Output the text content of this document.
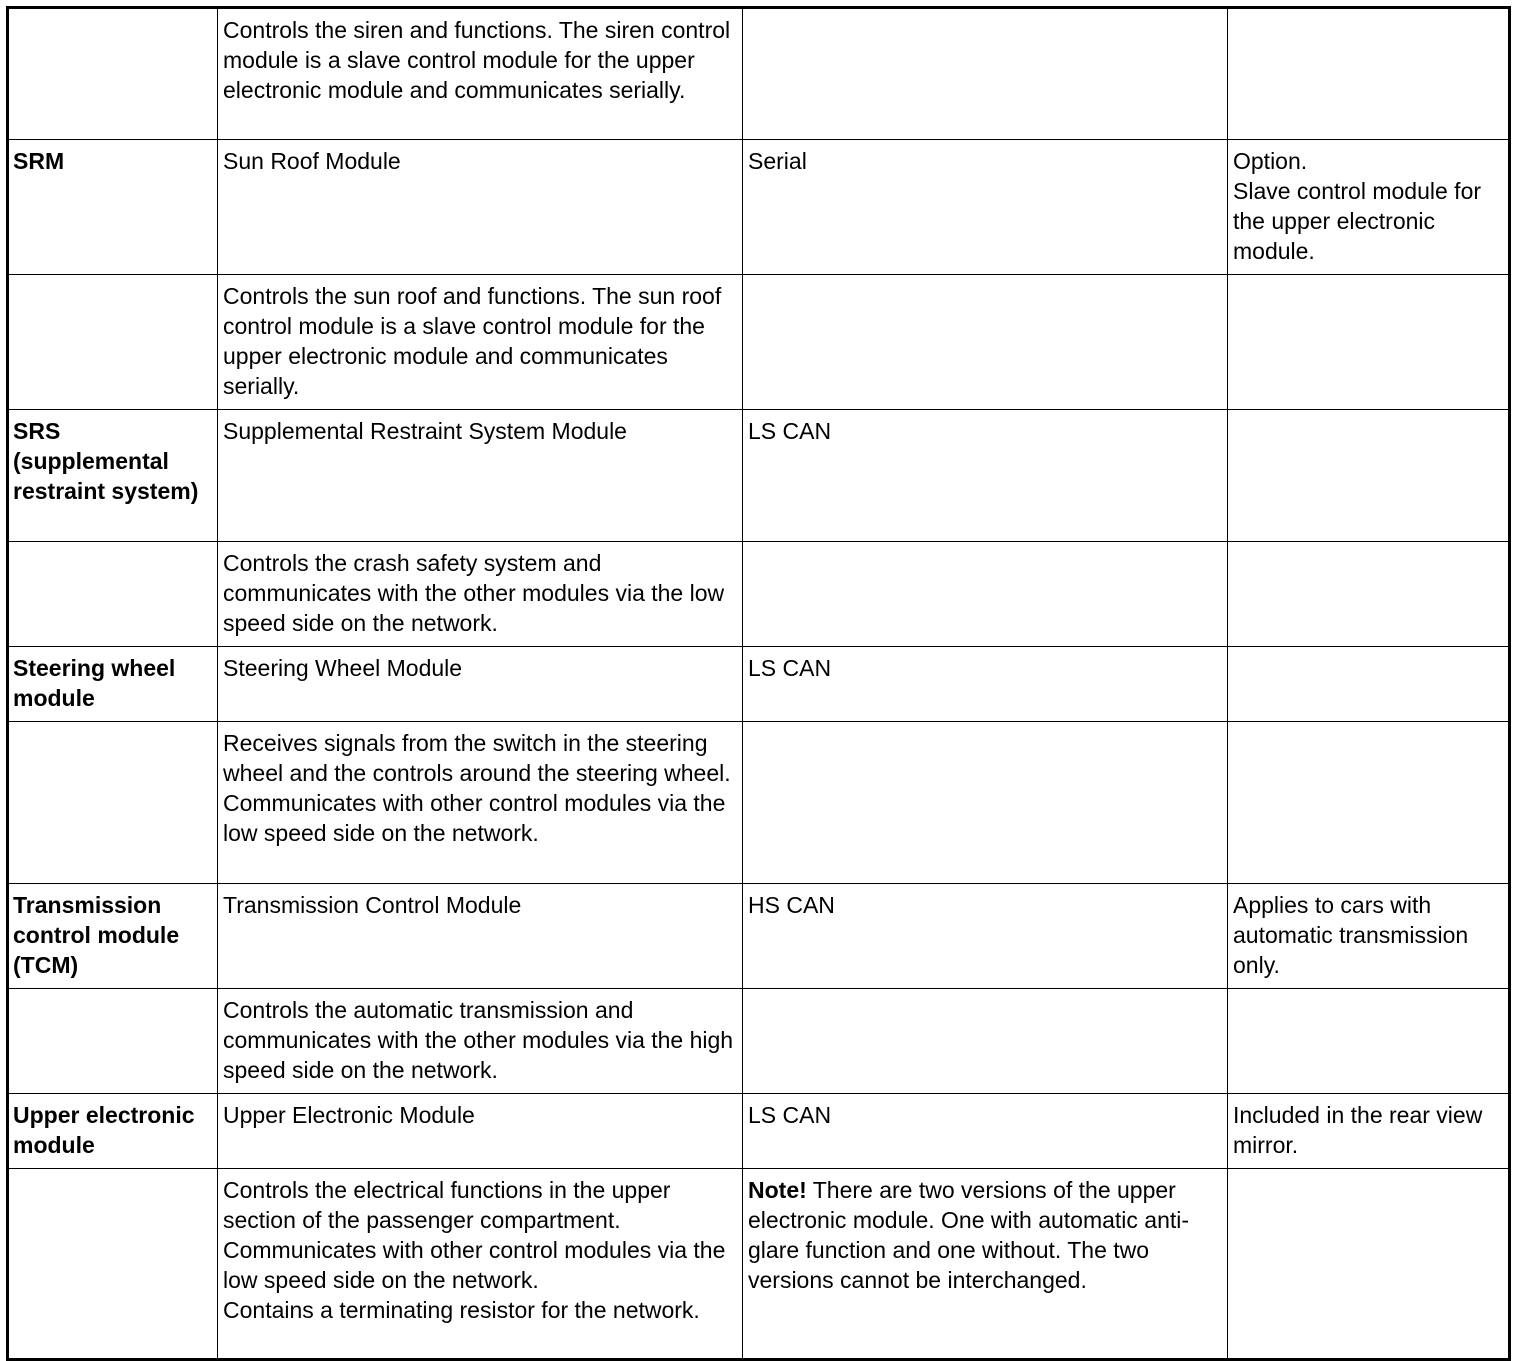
	Controls the siren and functions. The siren control module is a slave control module for the upper electronic module and communicates serially.		
SRM	Sun Roof Module	Serial	Option.
Slave control module for the upper electronic module.
	Controls the sun roof and functions. The sun roof control module is a slave control module for the upper electronic module and communicates serially.		
SRS (supplemental restraint system)	Supplemental Restraint System Module	LS CAN	
	Controls the crash safety system and communicates with the other modules via the low speed side on the network.		
Steering wheel module	Steering Wheel Module	LS CAN	
	Receives signals from the switch in the steering wheel and the controls around the steering wheel.
Communicates with other control modules via the low speed side on the network.		
Transmission control module (TCM)	Transmission Control Module	HS CAN	Applies to cars with automatic transmission only.
	Controls the automatic transmission and communicates with the other modules via the high speed side on the network.		
Upper electronic module	Upper Electronic Module	LS CAN	Included in the rear view mirror.
	Controls the electrical functions in the upper section of the passenger compartment.
Communicates with other control modules via the low speed side on the network.
Contains a terminating resistor for the network.	Note! There are two versions of the upper electronic module. One with automatic anti-glare function and one without. The two versions cannot be interchanged.	
